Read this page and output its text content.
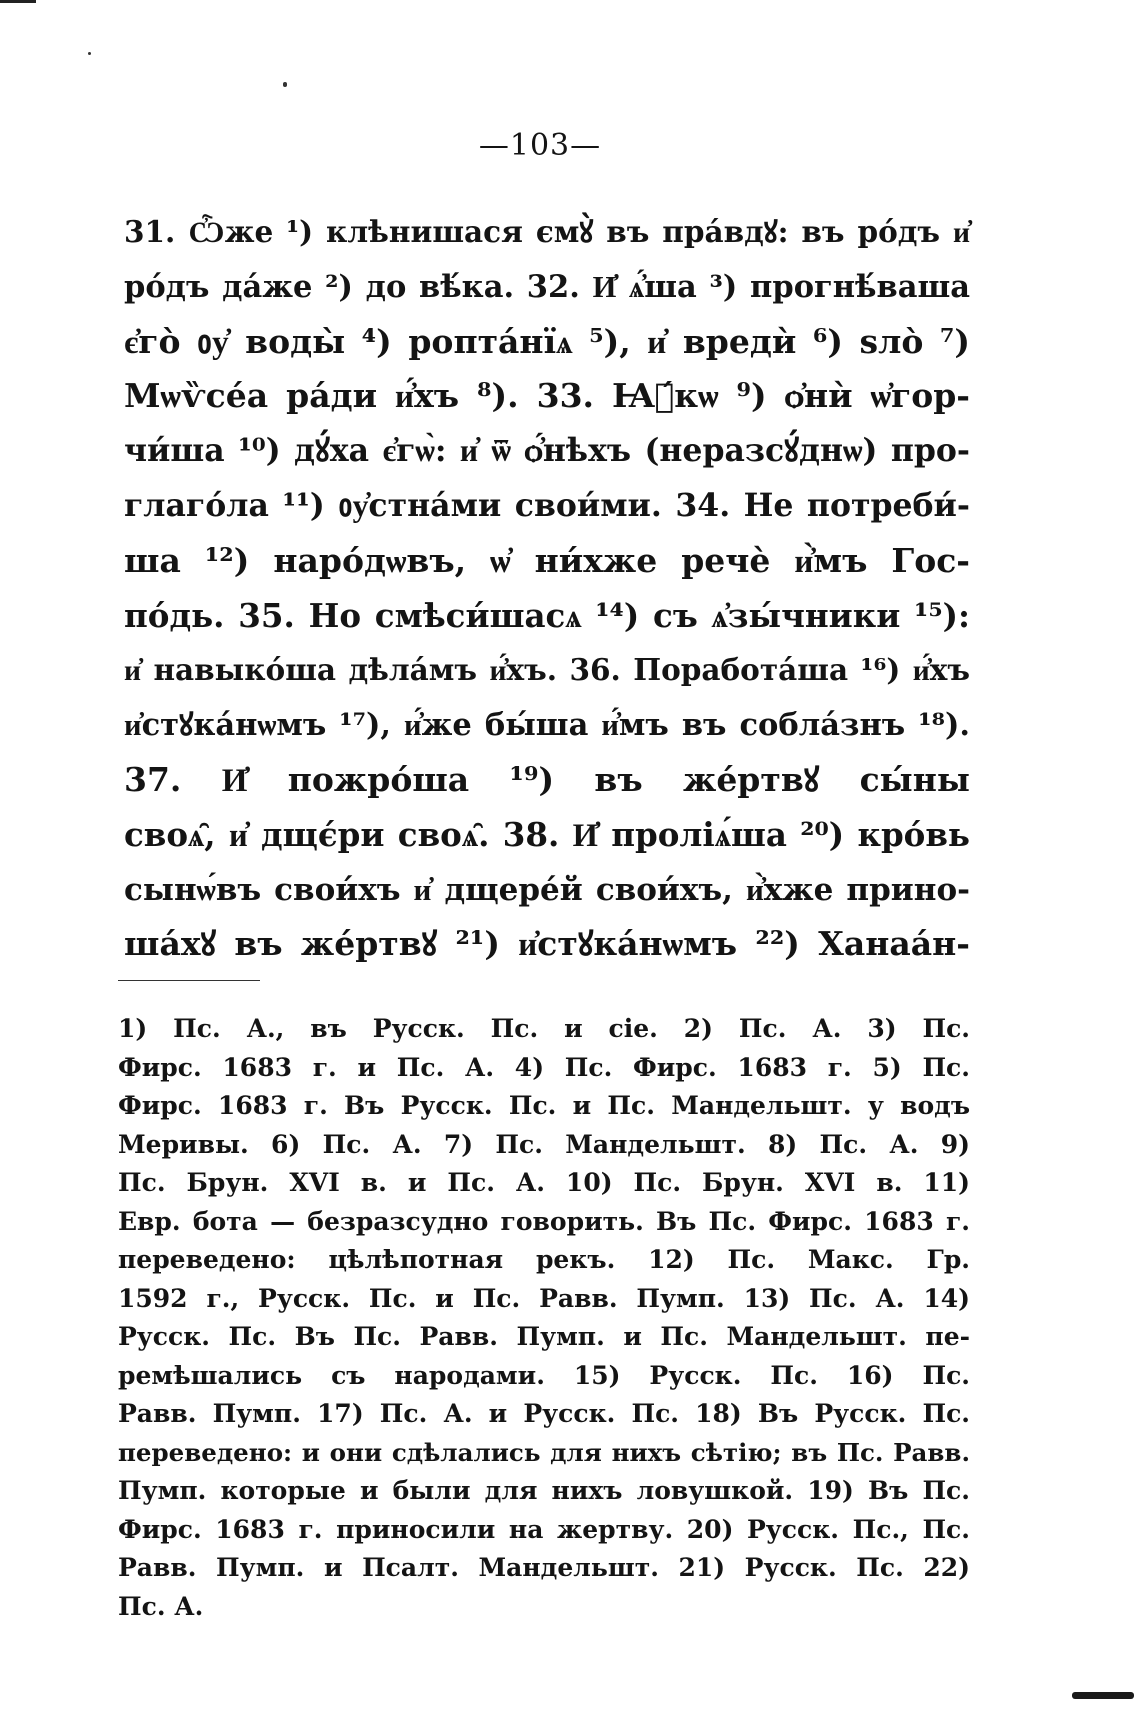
—103—
31. Ѽже ¹) клѣнишася ємꙋ̀ въ пра́вдꙋ: въ ро́дъ и҆
ро́дъ да́же ²) до вѣ́ка. 32. И҆ ѧ҆́ша ³) прогнѣ́ваша
є҆го̀ ᲂу҆ воды̀ ⁴) ропта́нїѧ ⁵), и҆ вредѝ ⁶) ѕло̀ ⁷)
Мѡѷсе́а ра́ди и҆́хъ ⁸). 33. Ꙗ҆́кѡ ⁹) ѻ҆нѝ ѡ҆гор-
чи́ша ¹⁰) дꙋ́ха є҆гѡ̀: и҆ ѿ ѻ҆́нѣхъ (неразсꙋ́днѡ) про-
глаго́ла ¹¹) ᲂу҆стна́ми свои́ми. 34. Не потреби́-
ша ¹²) наро́дѡвъ, ѡ҆ ни́хже речѐ и҆̀мъ Гос-
по́дь. 35. Но смѣси́шасѧ ¹⁴) съ ѧ҆зы́чники ¹⁵):
и҆ навыко́ша дѣла́мъ и҆́хъ. 36. Поработа́ша ¹⁶) и҆́хъ
и҆стꙋка́нѡмъ ¹⁷), и҆́же бы́ша и҆́мъ въ собла́знъ ¹⁸).
37. И҆ пожро́ша ¹⁹) въ же́ртвꙋ сы́ны
своѧ̑, и҆ дщє́ри своѧ̑. 38. И҆ проліѧ́ша ²⁰) кро́вь
сынѡ́въ свои́хъ и҆ дщере́й свои́хъ, и҆̀хже прино-
ша́хꙋ въ же́ртвꙋ ²¹) и҆стꙋка́нѡмъ ²²) Ханаа́н-
1) Пс. А., въ Русск. Пс. и сіе. 2) Пс. А. 3) Пс.
Фирс. 1683 г. и Пс. А. 4) Пс. Фирс. 1683 г. 5) Пс.
Фирс. 1683 г. Въ Русск. Пс. и Пс. Мандельшт. у водъ
Меривы. 6) Пс. А. 7) Пс. Мандельшт. 8) Пс. А. 9)
Пс. Брун. XVI в. и Пс. А. 10) Пс. Брун. XVI в. 11)
Евр. бота — безразсудно говорить. Въ Пс. Фирс. 1683 г.
переведено: цѣлѣпотная рекъ. 12) Пс. Макс. Гр.
1592 г., Русск. Пс. и Пс. Равв. Пумп. 13) Пс. А. 14)
Русск. Пс. Въ Пс. Равв. Пумп. и Пс. Мандельшт. пе-
ремѣшались съ народами. 15) Русск. Пс. 16) Пс.
Равв. Пумп. 17) Пс. А. и Русск. Пс. 18) Въ Русск. Пс.
переведено: и они сдѣлались для нихъ сѣтію; въ Пс. Равв.
Пумп. которые и были для нихъ ловушкой. 19) Въ Пс.
Фирс. 1683 г. приносили на жертву. 20) Русск. Пс., Пс.
Равв. Пумп. и Псалт. Мандельшт. 21) Русск. Пс. 22)
Пс. А.
